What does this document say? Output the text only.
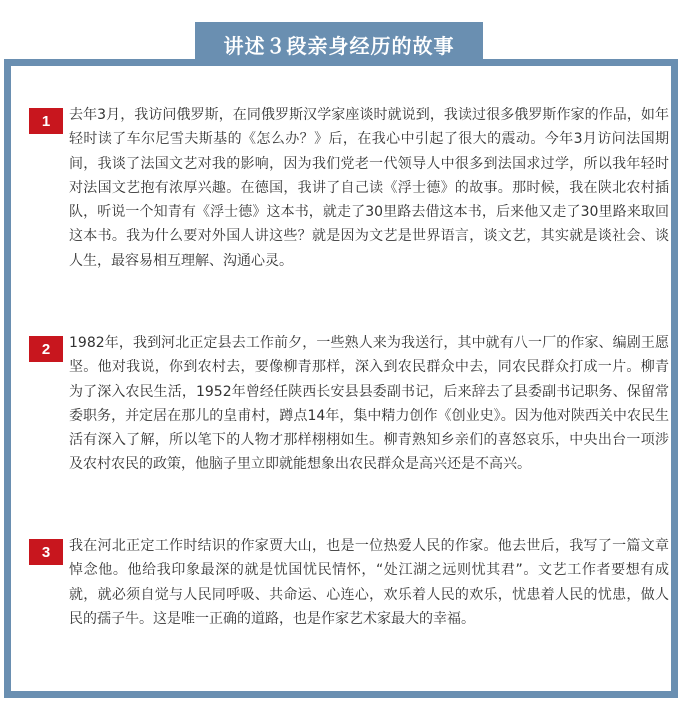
1	去年3月，我访问俄罗斯，在同俄罗斯汉学家座谈时就说到，我读过很多俄罗斯作家的作品，如年轻时读了车尔尼雪夫斯基的《怎么办？》后，在我心中引起了很大的震动。今年3月访问法国期间，我谈了法国文艺对我的影响，因为我们党老一代领导人中很多到法国求过学，所以我年轻时对法国文艺抱有浓厚兴趣。在德国，我讲了自己读《浮士德》的故事。那时候，我在陕北农村插队，听说一个知青有《浮士德》这本书，就走了30里路去借这本书，后来他又走了30里路来取回这本书。我为什么要对外国人讲这些？就是因为文艺是世界语言，谈文艺，其实就是谈社会、谈人生，最容易相互理解、沟通心灵。

2	1982年，我到河北正定县去工作前夕，一些熟人来为我送行，其中就有八一厂的作家、编剧王愿坚。他对我说，你到农村去，要像柳青那样，深入到农民群众中去，同农民群众打成一片。柳青为了深入农民生活，1952年曾经任陕西长安县县委副书记，后来辞去了县委副书记职务、保留常委职务，并定居在那儿的皇甫村，蹲点14年，集中精力创作《创业史》。因为他对陕西关中农民生活有深入了解，所以笔下的人物才那样栩栩如生。柳青熟知乡亲们的喜怒哀乐，中央出台一项涉及农村农民的政策，他脑子里立即就能想象出农民群众是高兴还是不高兴。

3	我在河北正定工作时结识的作家贾大山，也是一位热爱人民的作家。他去世后，我写了一篇文章悼念他。他给我印象最深的就是忧国忧民情怀，“处江湖之远则忧其君”。文艺工作者要想有成就，就必须自觉与人民同呼吸、共命运、心连心，欢乐着人民的欢乐，忧患着人民的忧患，做人民的孺子牛。这是唯一正确的道路，也是作家艺术家最大的幸福。

讲述３段亲身经历的故事
